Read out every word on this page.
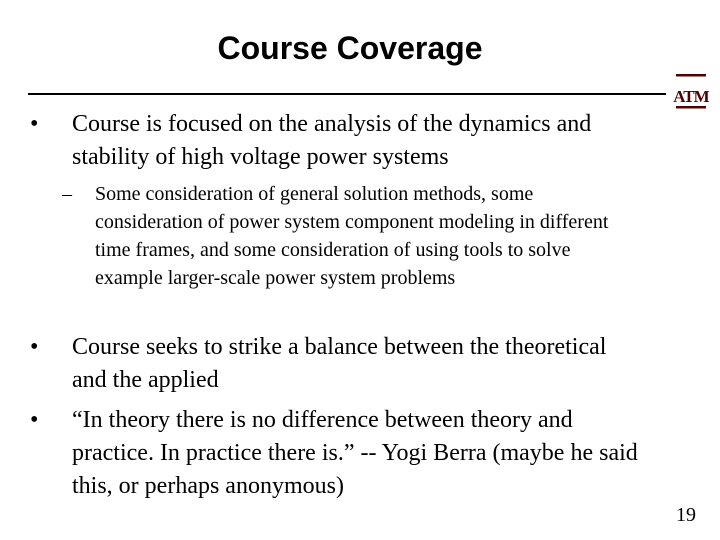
Course Coverage
ATM
• Course is focused on the analysis of the dynamics and stability of high voltage power systems
– Some consideration of general solution methods, some consideration of power system component modeling in different time frames, and some consideration of using tools to solve example larger-scale power system problems
• Course seeks to strike a balance between the theoretical and the applied
• “In theory there is no difference between theory and practice. In practice there is.” -- Yogi Berra (maybe he said this, or perhaps anonymous)
19
